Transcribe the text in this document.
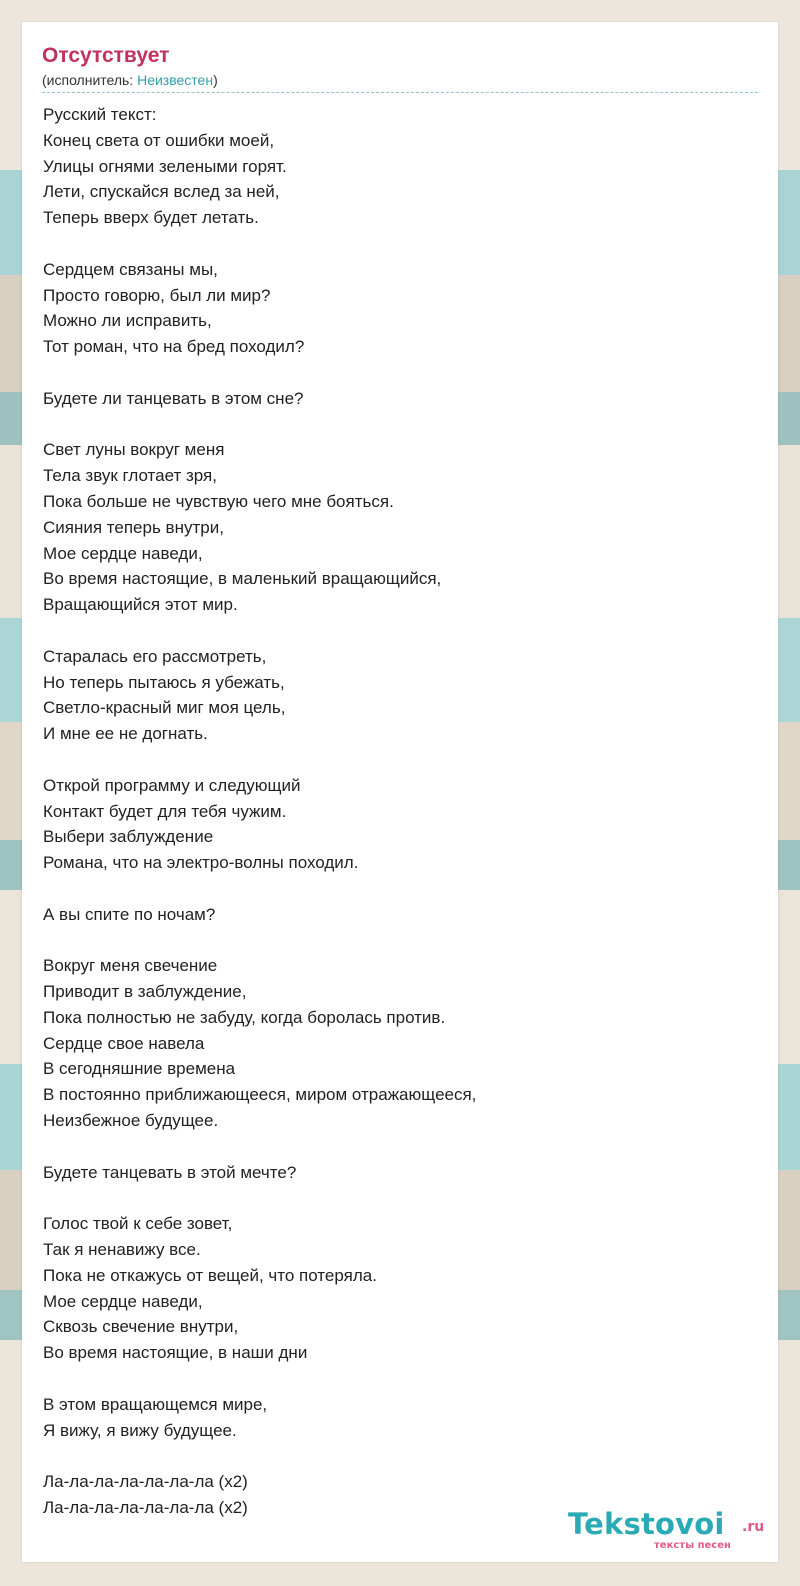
Отсутствует
(исполнитель: Неизвестен)
Русский текст:
Конец света от ошибки моей,
Улицы огнями зелеными горят.
Лети, спускайся вслед за ней,
Теперь вверх будет летать.
Сердцем связаны мы,
Просто говорю, был ли мир?
Можно ли исправить,
Тот роман, что на бред походил?
Будете ли танцевать в этом сне?
Свет луны вокруг меня
Тела звук глотает зря,
Пока больше не чувствую чего мне бояться.
Сияния теперь внутри,
Мое сердце наведи,
Во время настоящие, в маленький вращающийся,
Вращающийся этот мир.
Старалась его рассмотреть,
Но теперь пытаюсь я убежать,
Светло-красный миг моя цель,
И мне ее не догнать.
Открой программу и следующий
Контакт будет для тебя чужим.
Выбери заблуждение
Романа, что на электро-волны походил.
А вы спите по ночам?
Вокруг меня свечение
Приводит в заблуждение,
Пока полностью не забуду, когда боролась против.
Сердце свое навела
В сегодняшние времена
В постоянно приближающееся, миром отражающееся,
Неизбежное будущее.
Будете танцевать в этой мечте?
Голос твой к себе зовет,
Так я ненавижу все.
Пока не откажусь от вещей, что потеряла.
Мое сердце наведи,
Сквозь свечение внутри,
Во время настоящие, в наши дни
В этом вращающемся мире,
Я вижу, я вижу будущее.
Ла-ла-ла-ла-ла-ла-ла (x2)
Ла-ла-ла-ла-ла-ла-ла (x2)	Tekstovoi .ru
тексты песен
